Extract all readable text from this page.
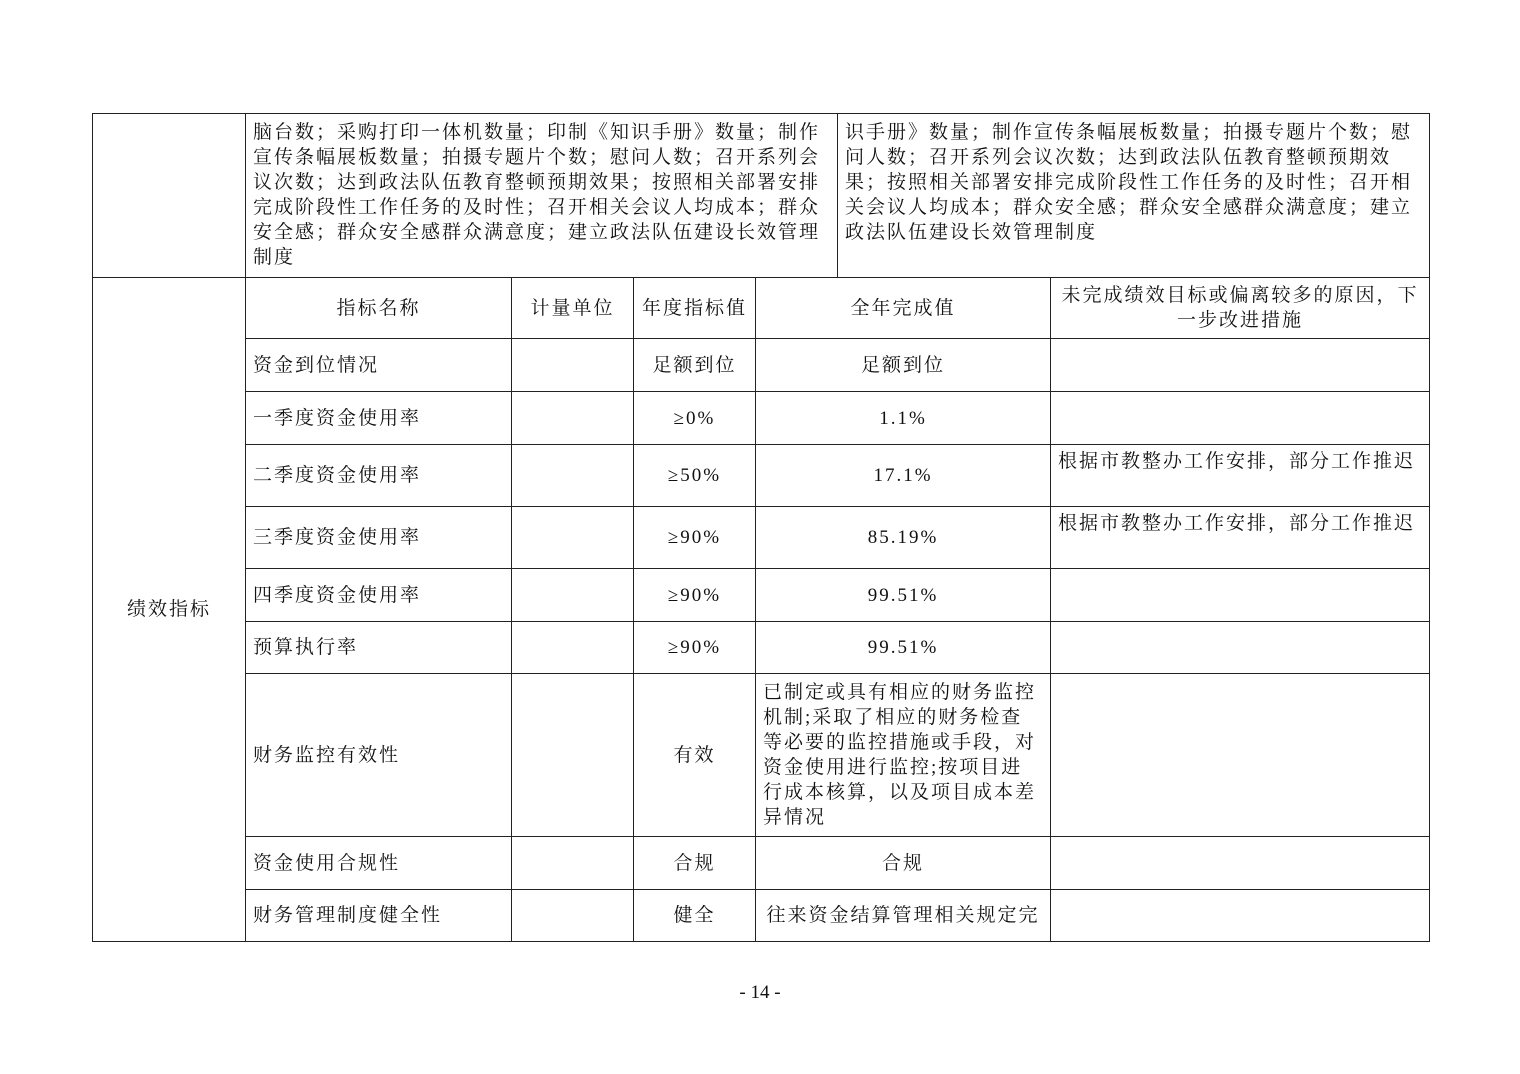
	脑台数；采购打印一体机数量；印制《知识手册》数量；制作宣传条幅展板数量；拍摄专题片个数；慰问人数；召开系列会议次数；达到政法队伍教育整顿预期效果；按照相关部署安排完成阶段性工作任务的及时性；召开相关会议人均成本；群众安全感；群众安全感群众满意度；建立政法队伍建设长效管理制度	识手册》数量；制作宣传条幅展板数量；拍摄专题片个数；慰问人数；召开系列会议次数；达到政法队伍教育整顿预期效果；按照相关部署安排完成阶段性工作任务的及时性；召开相关会议人均成本；群众安全感；群众安全感群众满意度；建立政法队伍建设长效管理制度
绩效指标	指标名称	计量单位	年度指标值	全年完成值	未完成绩效目标或偏离较多的原因，下一步改进措施
	资金到位情况		足额到位	足额到位	
	一季度资金使用率		≥0%	1.1%	
	二季度资金使用率		≥50%	17.1%	根据市教整办工作安排，部分工作推迟
	三季度资金使用率		≥90%	85.19%	根据市教整办工作安排，部分工作推迟
	四季度资金使用率		≥90%	99.51%	
	预算执行率		≥90%	99.51%	
	财务监控有效性		有效	已制定或具有相应的财务监控机制;采取了相应的财务检查等必要的监控措施或手段，对资金使用进行监控;按项目进行成本核算，以及项目成本差异情况	
	资金使用合规性		合规	合规	
	财务管理制度健全性		健全	往来资金结算管理相关规定完	
- 14 -
